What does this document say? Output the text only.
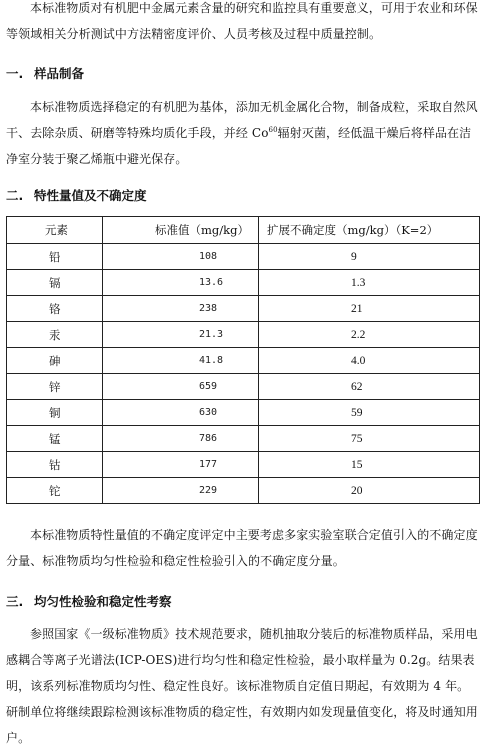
本标准物质对有机肥中金属元素含量的研究和监控具有重要意义，可用于农业和环保等领域相关分析测试中方法精密度评价、人员考核及过程中质量控制。

一. 样品制备

本标准物质选择稳定的有机肥为基体，添加无机金属化合物，制备成粒，采取自然风干、去除杂质、研磨等特殊均质化手段，并经 Co$^{60}$辐射灭菌，经低温干燥后将样品在洁净室分装于聚乙烯瓶中避光保存。

二. 特性量值及不确定度
元素	标准值（mg/kg）	扩展不确定度（mg/kg）（K=2）
铅	108	9
镉	13.6	1.3
铬	238	21
汞	21.3	2.2
砷	41.8	4.0
锌	659	62
铜	630	59
锰	786	75
钴	177	15
铊	229	20

本标准物质特性量值的不确定度评定中主要考虑多家实验室联合定值引入的不确定度分量、标准物质均匀性检验和稳定性检验引入的不确定度分量。

三. 均匀性检验和稳定性考察

参照国家《一级标准物质》技术规范要求，随机抽取分装后的标准物质样品，采用电感耦合等离子光谱法(ICP-OES)进行均匀性和稳定性检验，最小取样量为 0.2g。结果表明，该系列标准物质均匀性、稳定性良好。该标准物质自定值日期起，有效期为 4 年。研制单位将继续跟踪检测该标准物质的稳定性，有效期内如发现量值变化，将及时通知用户。
